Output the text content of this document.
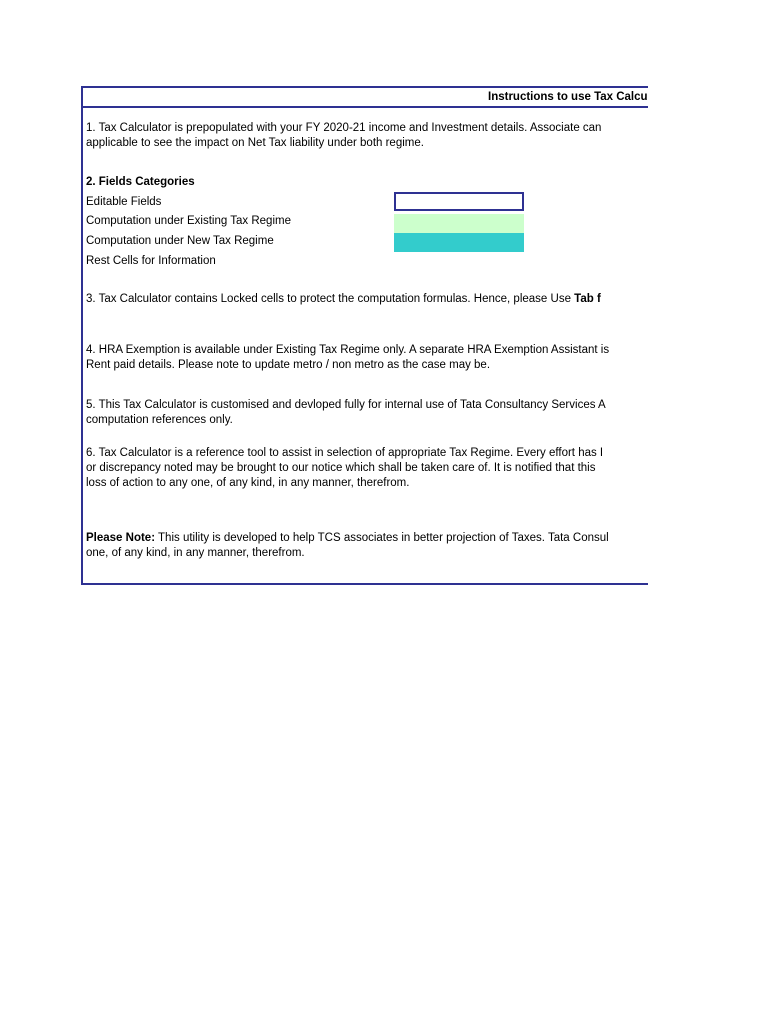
Instructions to use Tax Calcu
1. Tax Calculator is prepopulated with your FY 2020-21 income and Investment details. Associate can
applicable to see the impact on Net Tax liability under both regime.
2. Fields Categories
Editable Fields
Computation under Existing Tax Regime
Computation under New Tax Regime
Rest Cells for Information
3. Tax Calculator contains Locked cells to protect the computation formulas. Hence, please Use Tab f
4. HRA Exemption is available under Existing Tax Regime only. A separate HRA Exemption Assistant is
Rent paid details. Please note to update metro / non metro as the case may be.
5. This Tax Calculator is customised and devloped fully for internal use of Tata Consultancy Services A
computation references only.
6. Tax Calculator is a reference tool to assist in selection of appropriate Tax Regime. Every effort has I
or discrepancy noted may be brought to our notice which shall be taken care of. It is notified that this
loss of action to any one, of any kind, in any manner, therefrom.
Please Note: This utility is developed to help TCS associates in better projection of Taxes. Tata Consul
one, of any kind, in any manner, therefrom.
